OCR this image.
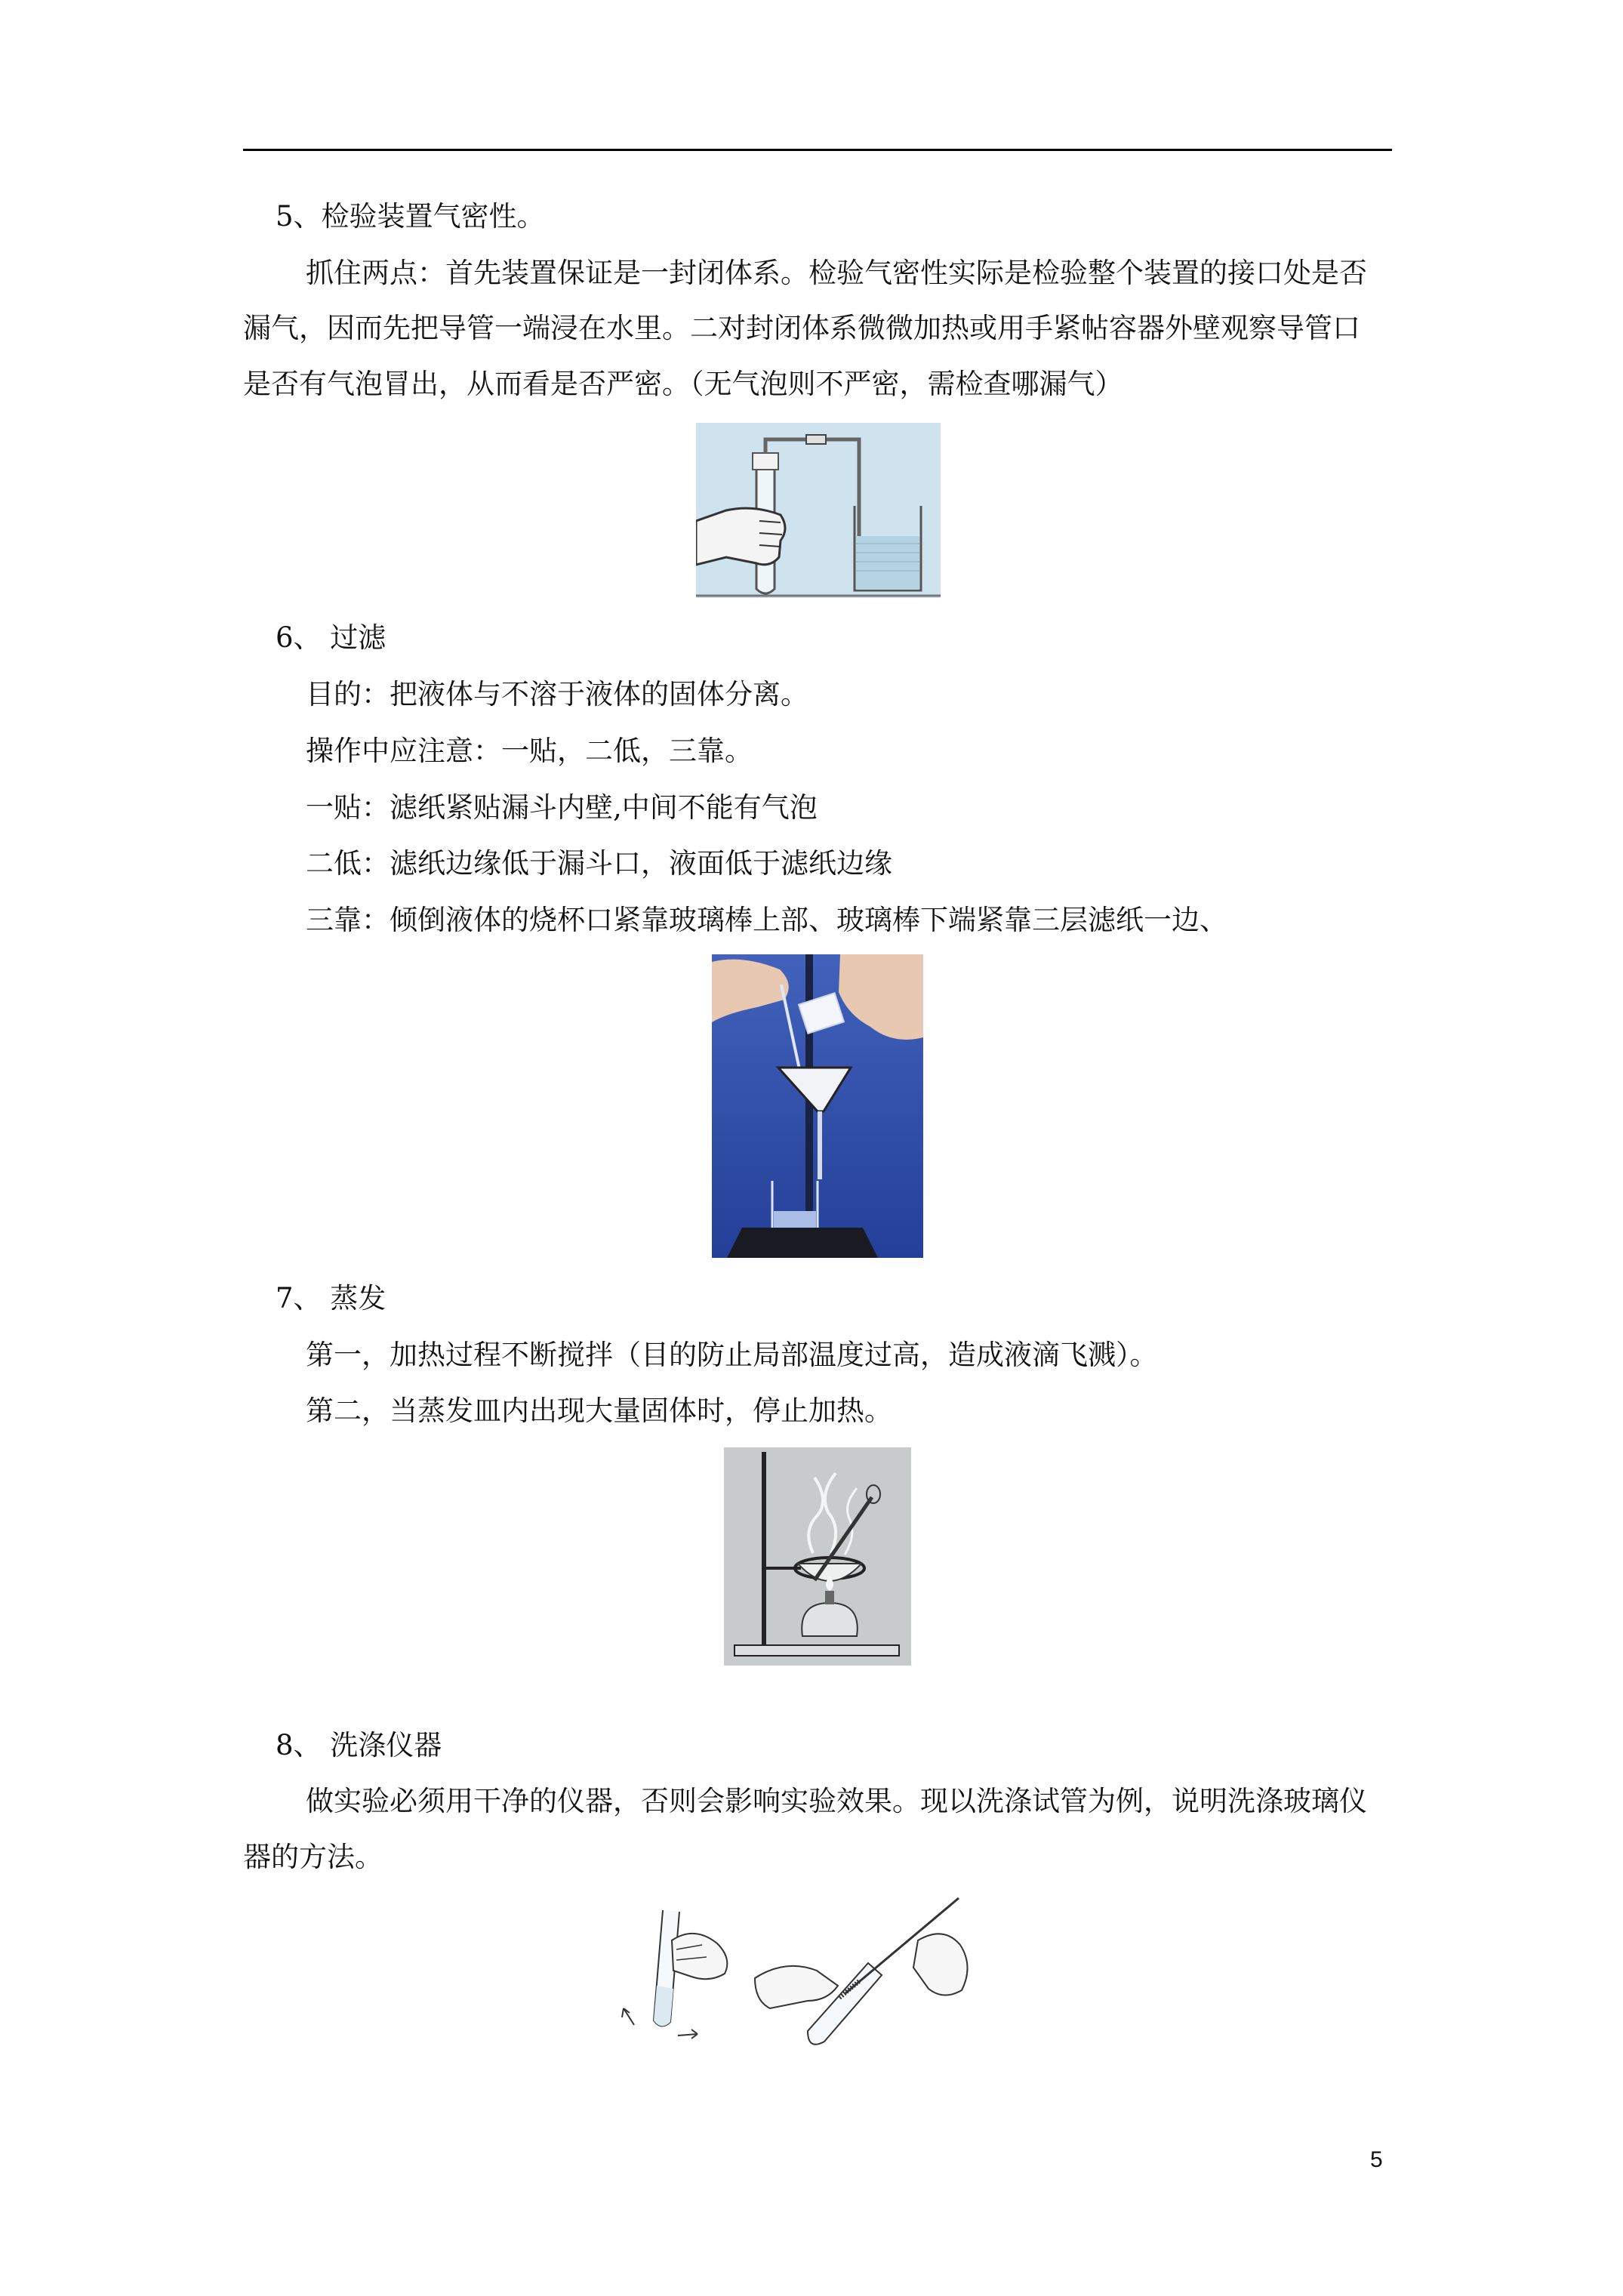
5、检验装置气密性。
抓住两点：首先装置保证是一封闭体系。检验气密性实际是检验整个装置的接口处是否
漏气，因而先把导管一端浸在水里。二对封闭体系微微加热或用手紧帖容器外壁观察导管口
是否有气泡冒出，从而看是否严密。（无气泡则不严密，需检查哪漏气）
6、 过滤
目的：把液体与不溶于液体的固体分离。
操作中应注意：一贴，二低，三靠。
一贴：滤纸紧贴漏斗内壁,中间不能有气泡
二低：滤纸边缘低于漏斗口，液面低于滤纸边缘
三靠：倾倒液体的烧杯口紧靠玻璃棒上部、玻璃棒下端紧靠三层滤纸一边、
7、 蒸发
第一，加热过程不断搅拌（目的防止局部温度过高，造成液滴飞溅）。
第二，当蒸发皿内出现大量固体时，停止加热。
8、 洗涤仪器
做实验必须用干净的仪器，否则会影响实验效果。现以洗涤试管为例，说明洗涤玻璃仪
器的方法。
5
